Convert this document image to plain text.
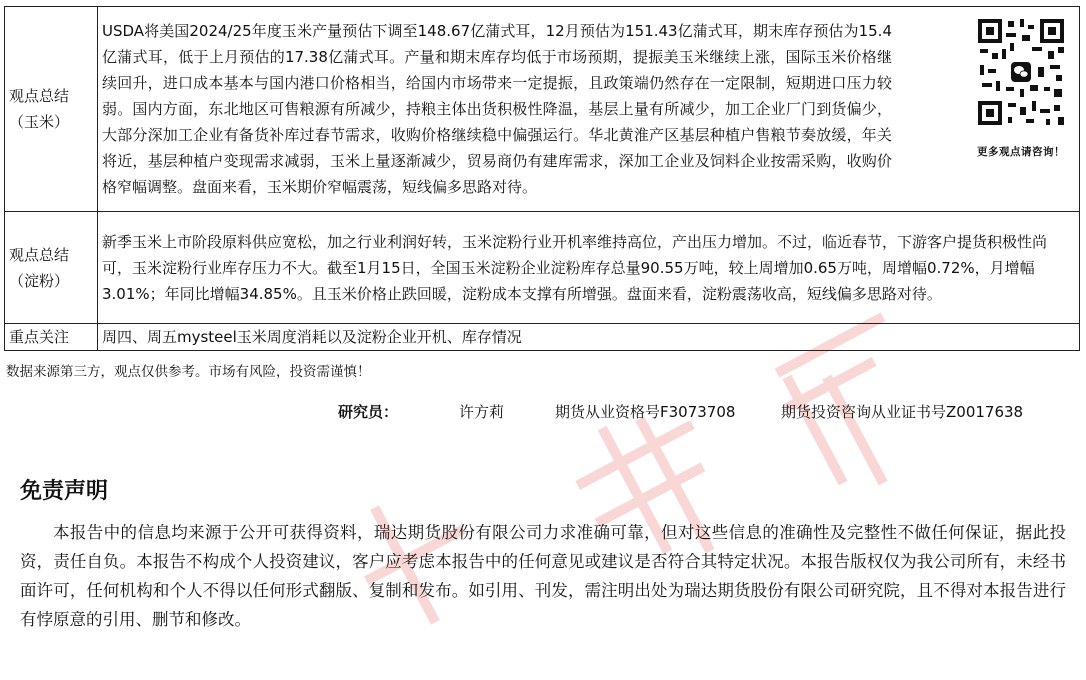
观点总结（玉米）	USDA将美国2024/25年度玉米产量预估下调至148.67亿蒲式耳，12月预估为151.43亿蒲式耳，期末库存预估为15.4亿蒲式耳，低于上月预估的17.38亿蒲式耳。产量和期末库存均低于市场预期，提振美玉米继续上涨，国际玉米价格继续回升，进口成本基本与国内港口价格相当，给国内市场带来一定提振，且政策端仍然存在一定限制，短期进口压力较弱。国内方面，东北地区可售粮源有所减少，持粮主体出货积极性降温，基层上量有所减少，加工企业厂门到货偏少，大部分深加工企业有备货补库过春节需求，收购价格继续稳中偏强运行。华北黄淮产区基层种植户售粮节奏放缓，年关将近，基层种植户变现需求减弱，玉米上量逐渐减少，贸易商仍有建库需求，深加工企业及饲料企业按需采购，收购价格窄幅调整。盘面来看，玉米期价窄幅震荡，短线偏多思路对待。
更多观点请咨询！

观点总结（淀粉）	新季玉米上市阶段原料供应宽松，加之行业利润好转，玉米淀粉行业开机率维持高位，产出压力增加。不过，临近春节，下游客户提货积极性尚可，玉米淀粉行业库存压力不大。截至1月15日，全国玉米淀粉企业淀粉库存总量90.55万吨，较上周增加0.65万吨，周增幅0.72%，月增幅3.01%；年同比增幅34.85%。且玉米价格止跌回暖，淀粉成本支撑有所增强。盘面来看，淀粉震荡收高，短线偏多思路对待。
重点关注	周四、周五mysteel玉米周度消耗以及淀粉企业开机、库存情况
数据来源第三方，观点仅供参考。市场有风险，投资需谨慎！
研究员：	许方莉	期货从业资格号F3073708	期货投资咨询从业证书号Z0017638
免责声明
本报告中的信息均来源于公开可获得资料，瑞达期货股份有限公司力求准确可靠，但对这些信息的准确性及完整性不做任何保证，据此投资，责任自负。本报告不构成个人投资建议，客户应考虑本报告中的任何意见或建议是否符合其特定状况。本报告版权仅为我公司所有，未经书面许可，任何机构和个人不得以任何形式翻版、复制和发布。如引用、刊发，需注明出处为瑞达期货股份有限公司研究院，且不得对本报告进行有悖原意的引用、删节和修改。
